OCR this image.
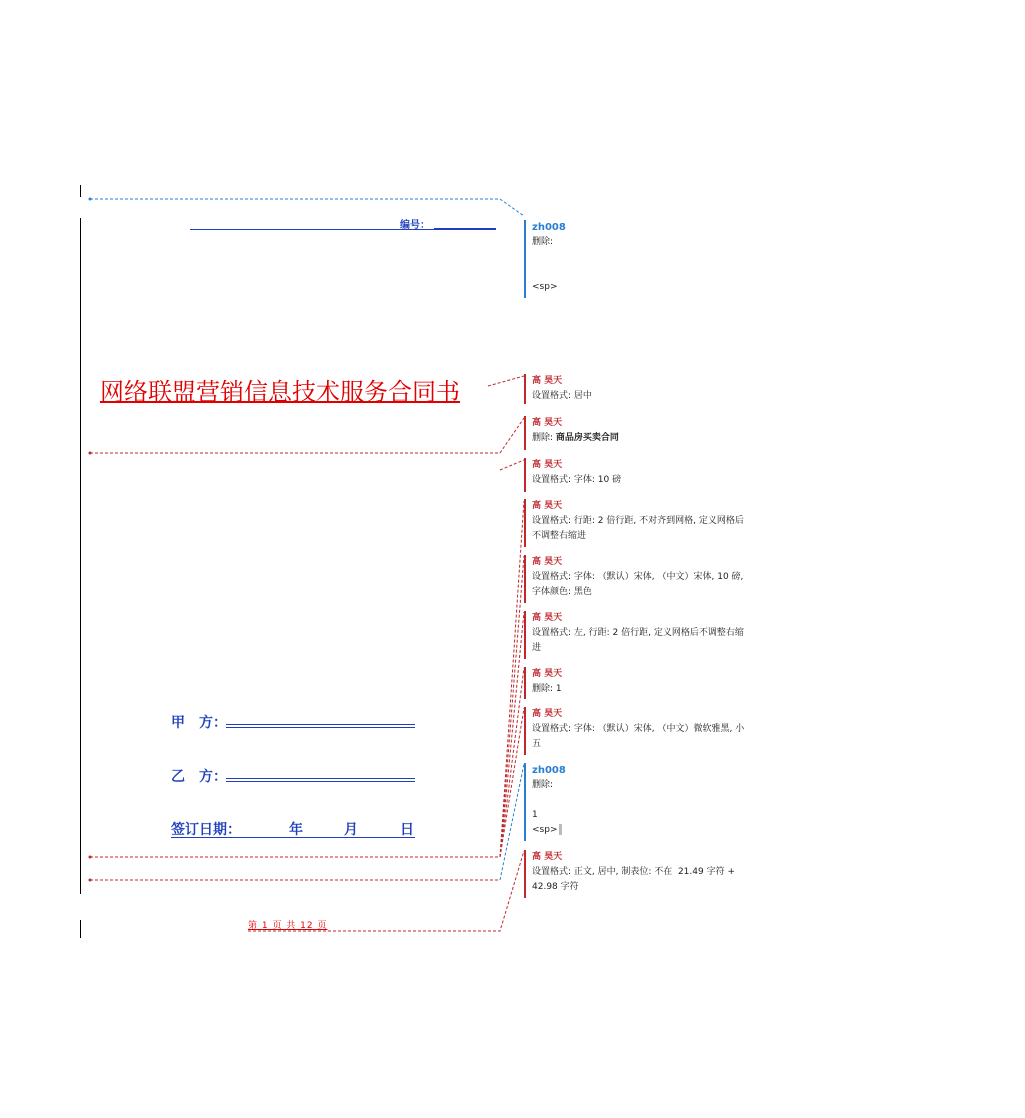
编号：
网络联盟营销信息技术服务合同书
甲　方：
乙　方：
签订日期：	年	月	日
第 1 页 共 12 页
zh008
删除:
<sp>
高 昊天
设置格式: 居中
高 昊天
删除: 商品房买卖合同
高 昊天
设置格式: 字体: 10 磅
高 昊天
设置格式: 行距: 2 倍行距, 不对齐到网格, 定义网格后
不调整右缩进
高 昊天
设置格式: 字体: （默认）宋体, （中文）宋体, 10 磅,
字体颜色: 黑色
高 昊天
设置格式: 左, 行距: 2 倍行距, 定义网格后不调整右缩
进
高 昊天
删除: 1
高 昊天
设置格式: 字体: （默认）宋体, （中文）微软雅黑, 小
五
zh008
删除:
1
<sp>
高 昊天
设置格式: 正文, 居中, 制表位: 不在  21.49 字符 +
42.98 字符
